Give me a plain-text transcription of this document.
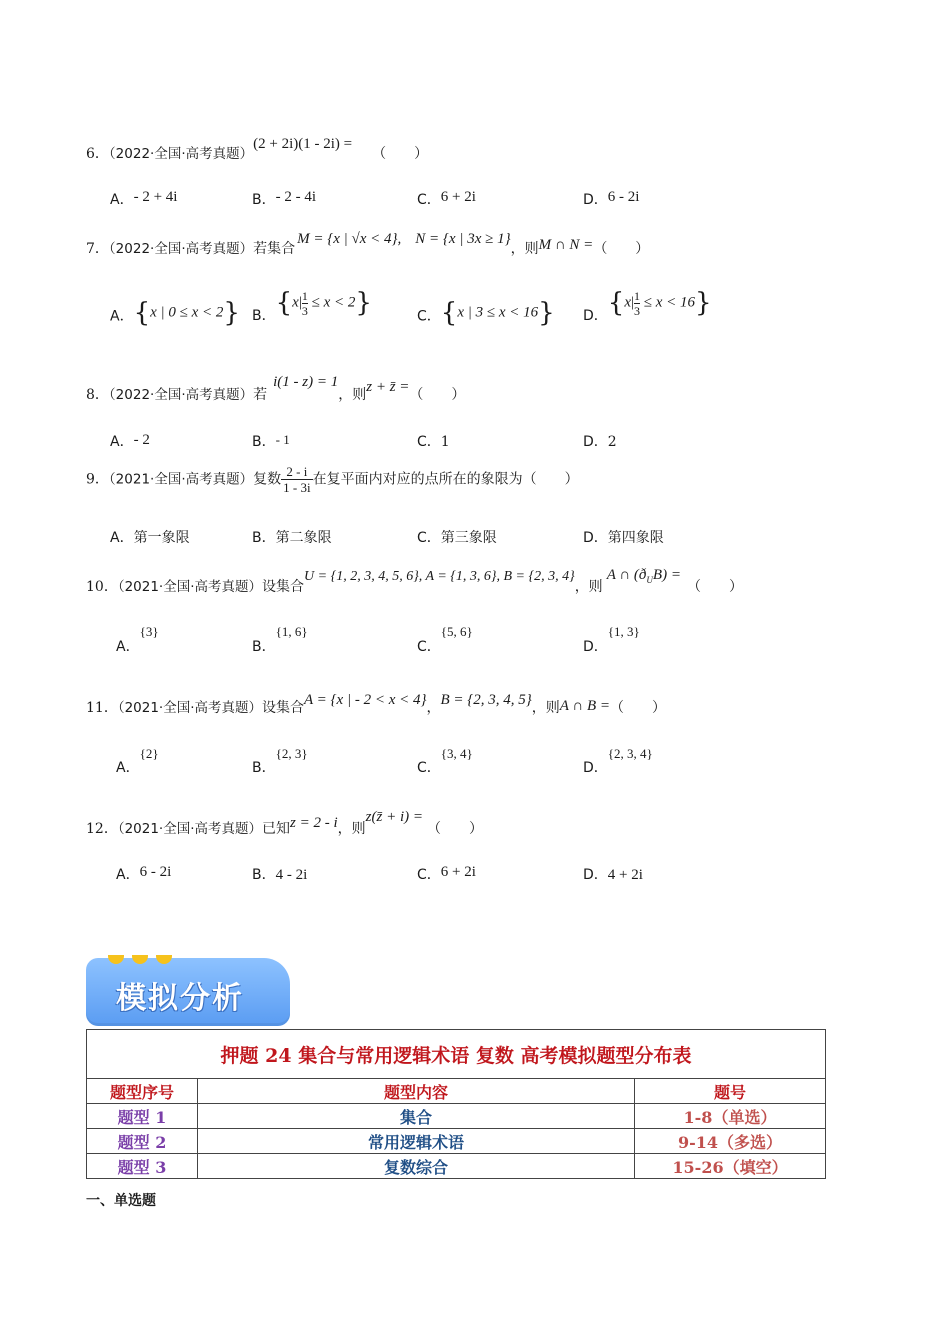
6．（2022·全国·高考真题）(2 + 2i)(1 - 2i) =（　　）
A．- 2 + 4i	B．- 2 - 4i	C．6 + 2i	D．6 - 2i
7．（2022·全国·高考真题）若集合M = {x | √x < 4}, N = {x | 3x ≥ 1}，则M ∩ N =（　　）
A．{x | 0 ≤ x < 2} B．$\{x| \frac{1}{3} \le x < 2\}$	C．{x | 3 ≤ x < 16} D．$\{x| \frac{1}{3} \le x < 16\}$
8．（2022·全国·高考真题）若i(1 - z) = 1，则z + z̄ =（　　）
A．- 2	B．- 1	C．1	D．2
9．（2021·全国·高考真题）复数 $\frac{2 - i}{1 - 3i}$ 在复平面内对应的点所在的象限为（　　）
A．第一象限	B．第二象限	C．第三象限	D．第四象限
10．（2021·全国·高考真题）设集合U = {1, 2, 3, 4, 5, 6}, A = {1, 3, 6}, B = {2, 3, 4}，则A ∩ $(ð_UB)$ =（　　）
A．{3}
B．{1, 6}
C．{5, 6}
D．{1, 3}
11．（2021·全国·高考真题）设集合A = {x | - 2 < x < 4}，B = {2, 3, 4, 5}，则A ∩ B =（　　）
A．{2}
B．{2, 3}
C．{3, 4}
D．{2, 3, 4}
12．（2021·全国·高考真题）已知z = 2 - i，则z(z̄ + i) =（　　）
A．6 - 2i	B．4 - 2i	C．6 + 2i	D．4 + 2i
模拟分析
押题 24 集合与常用逻辑术语 复数 高考模拟题型分布表		
题型序号	题型内容	题号
题型 1	集合	1-8（单选）
题型 2	常用逻辑术语	9-14（多选）
题型 3	复数综合	15-26（填空）
一、单选题
